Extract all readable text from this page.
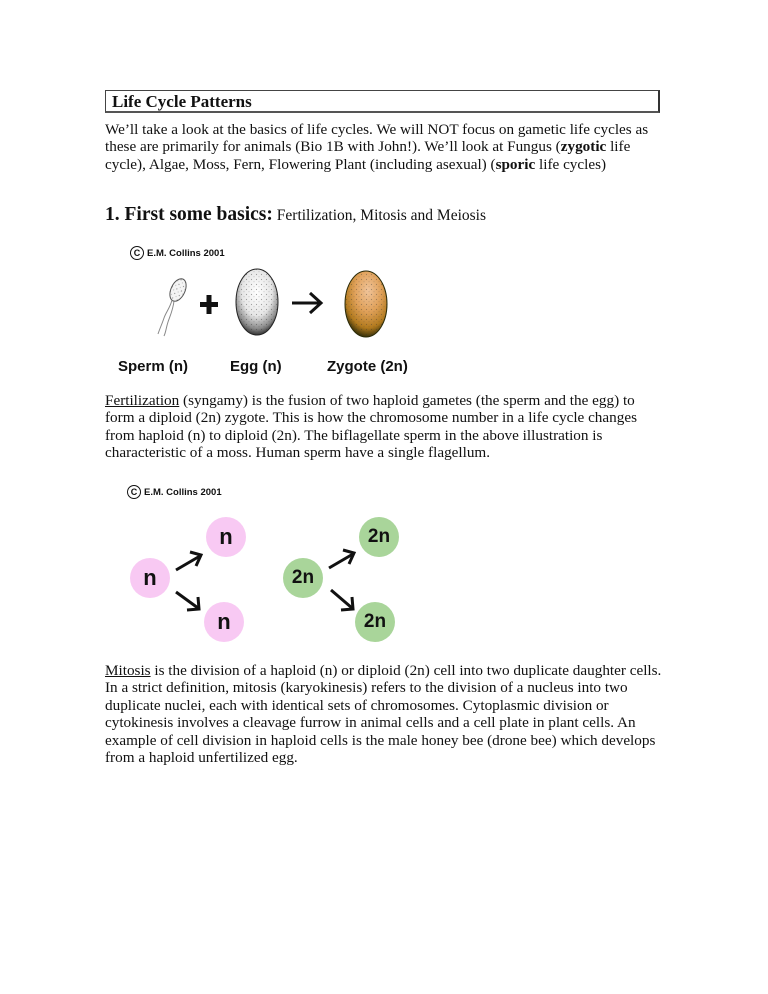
Life Cycle Patterns

We’ll take a look at the basics of life cycles. We will NOT focus on gametic life cycles as these are primarily for animals (Bio 1B with John!). We’ll look at Fungus (zygotic life cycle), Algae, Moss, Fern, Flowering Plant (including asexual) (sporic life cycles)

1. First some basics: Fertilization, Mitosis and Meiosis
C E.M. Collins 2001
Sperm (n)	Egg (n)	Zygote (2n)

Fertilization (syngamy) is the fusion of two haploid gametes (the sperm and the egg) to form a diploid (2n) zygote. This is how the chromosome number in a life cycle changes from haploid (n) to diploid (2n). The biflagellate sperm in the above illustration is characteristic of a moss. Human sperm have a single flagellum.

C E.M. Collins 2001
n
n
n
2n
2n
2n

Mitosis is the division of a haploid (n) or diploid (2n) cell into two duplicate daughter cells. In a strict definition, mitosis (karyokinesis) refers to the division of a nucleus into two duplicate nuclei, each with identical sets of chromosomes. Cytoplasmic division or cytokinesis involves a cleavage furrow in animal cells and a cell plate in plant cells. An example of cell division in haploid cells is the male honey bee (drone bee) which develops from a haploid unfertilized egg.
